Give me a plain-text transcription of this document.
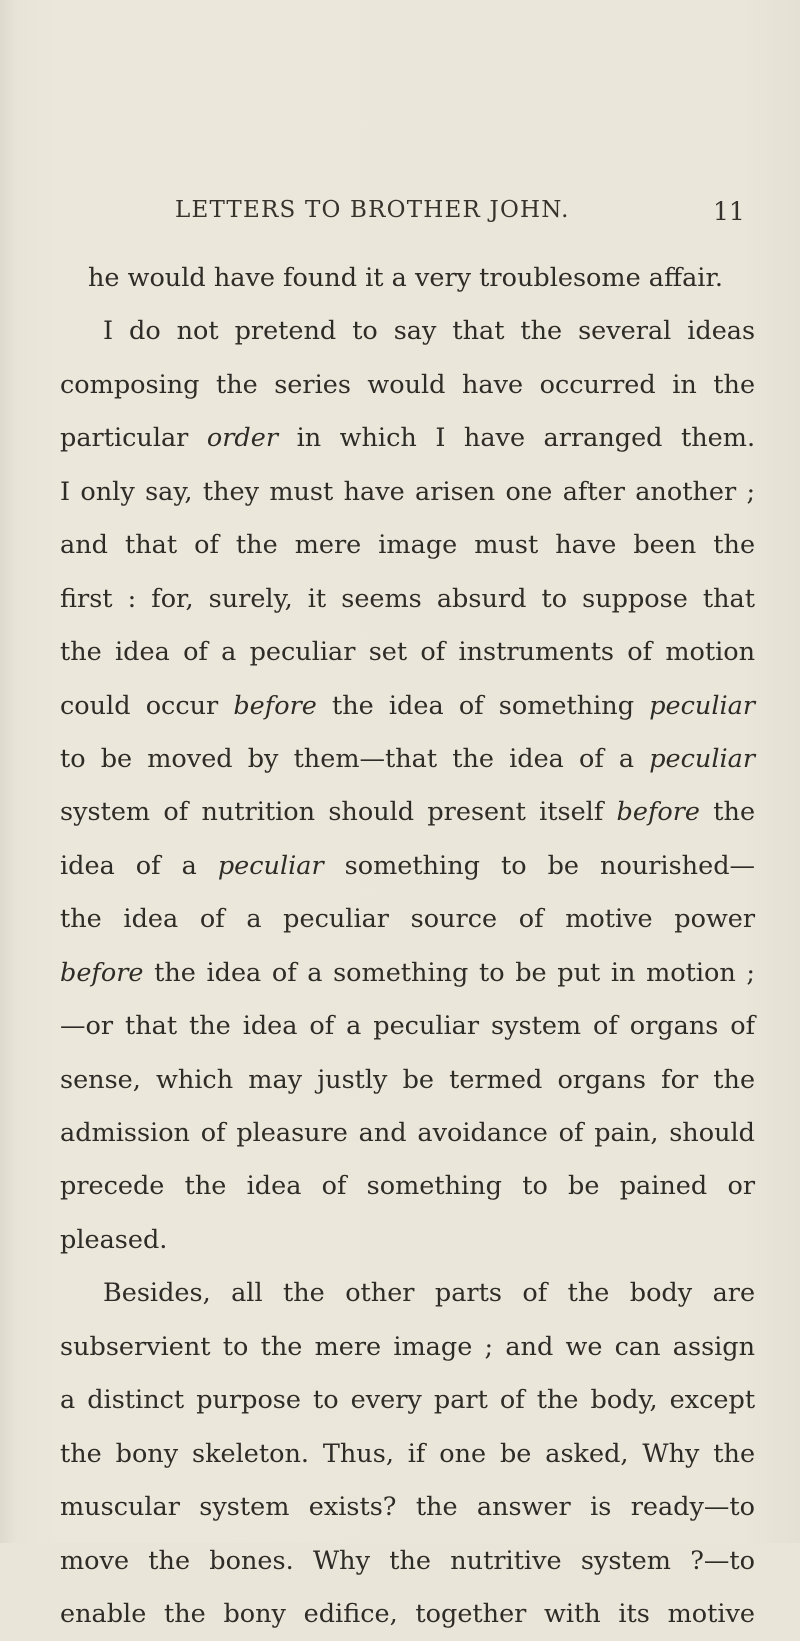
LETTERS TO BROTHER JOHN.	11
he would have found it a very troublesome affair.
I do not pretend to say that the several ideas
composing the series would have occurred in the
particular order in which I have arranged them.
I only say, they must have arisen one after another ;
and that of the mere image must have been the
first : for, surely, it seems absurd to suppose that
the idea of a peculiar set of instruments of motion
could occur before the idea of something peculiar
to be moved by them—that the idea of a peculiar
system of nutrition should present itself before the
idea of a peculiar something to be nourished—
the idea of a peculiar source of motive power
before the idea of a something to be put in motion ;
—or that the idea of a peculiar system of organs of
sense, which may justly be termed organs for the
admission of pleasure and avoidance of pain, should
precede the idea of something to be pained or
pleased.
Besides, all the other parts of the body are
subservient to the mere image ; and we can assign
a distinct purpose to every part of the body, except
the bony skeleton. Thus, if one be asked, Why the
muscular system exists? the answer is ready—to
move the bones. Why the nutritive system ?—to
enable the bony edifice, together with its motive
